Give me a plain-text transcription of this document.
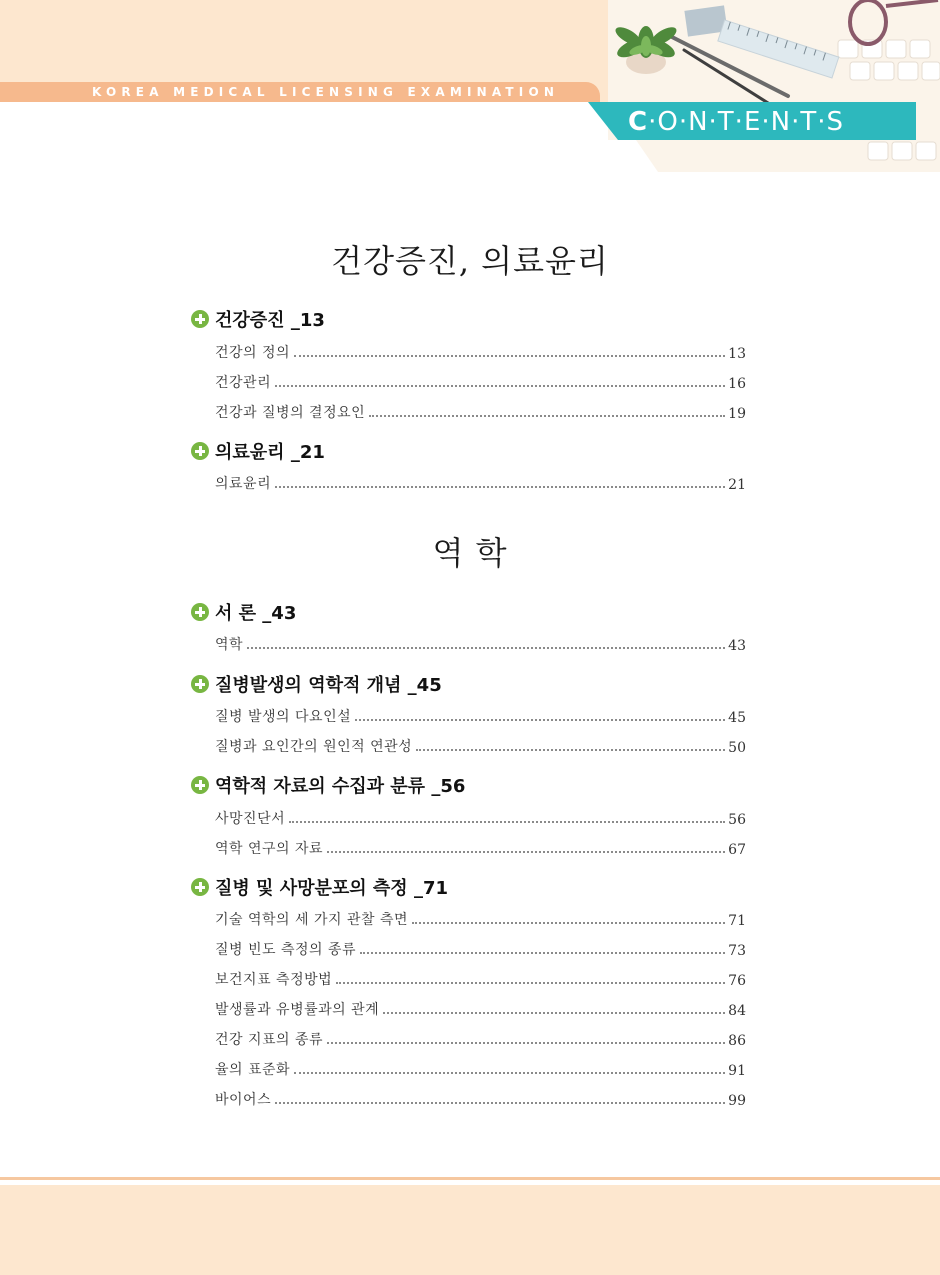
KOREA MEDICAL LICENSING EXAMINATION
C·O·N·T·E·N·T·S
건강증진, 의료윤리
건강증진 _13
건강의 정의	13
건강관리	16
건강과 질병의 결정요인	19
의료윤리 _21
의료윤리	21
역 학
서 론 _43
역학	43
질병발생의 역학적 개념 _45
질병 발생의 다요인설	45
질병과 요인간의 원인적 연관성	50
역학적 자료의 수집과 분류 _56
사망진단서	56
역학 연구의 자료	67
질병 및 사망분포의 측정 _71
기술 역학의 세 가지 관찰 측면	71
질병 빈도 측정의 종류	73
보건지표 측정방법	76
발생률과 유병률과의 관계	84
건강 지표의 종류	86
율의 표준화	91
바이어스	99
